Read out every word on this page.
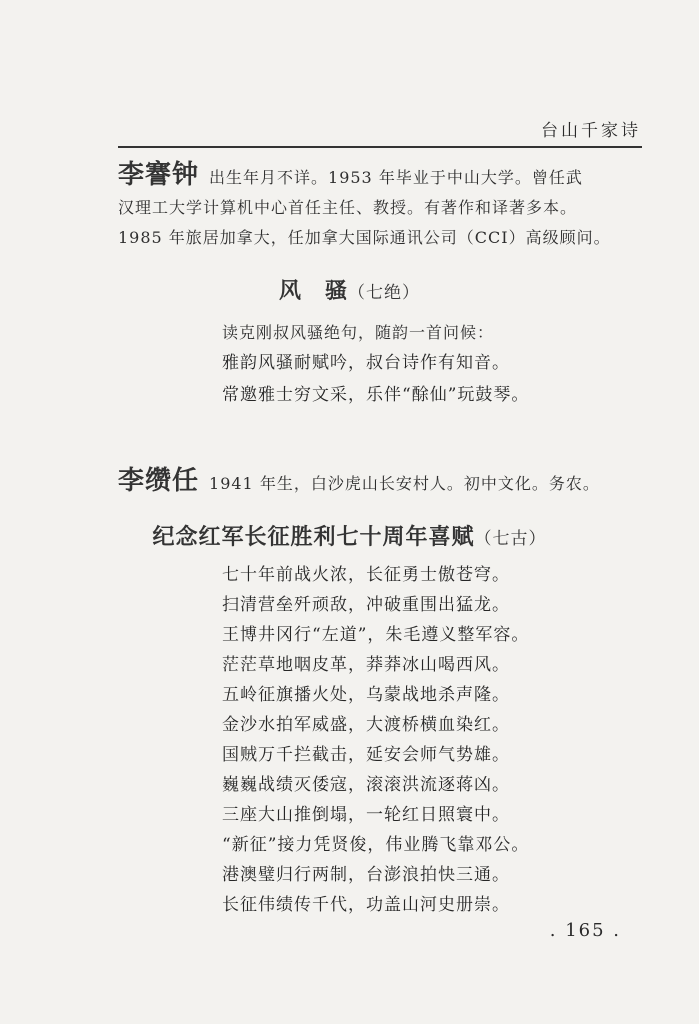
台山千家诗
李謇钟 出生年月不详。1953 年毕业于中山大学。曾任武
汉理工大学计算机中心首任主任、教授。有著作和译著多本。
1985 年旅居加拿大，任加拿大国际通讯公司（CCI）高级顾问。
风　骚（七绝）
读克刚叔风骚绝句，随韵一首问候：
雅韵风骚耐赋吟，叔台诗作有知音。
常邀雅士穷文采，乐伴“酴仙”玩鼓琴。
李缵任 1941 年生，白沙虎山长安村人。初中文化。务农。
纪念红军长征胜利七十周年喜赋（七古）
七十年前战火浓，长征勇士傲苍穹。
扫清营垒歼顽敌，冲破重围出猛龙。
王博井冈行“左道”，朱毛遵义整军容。
茫茫草地咽皮革，莽莽冰山喝西风。
五岭征旗播火处，乌蒙战地杀声隆。
金沙水拍军威盛，大渡桥横血染红。
国贼万千拦截击，延安会师气势雄。
巍巍战绩灭倭寇，滚滚洪流逐蒋凶。
三座大山推倒塌，一轮红日照寰中。
“新征”接力凭贤俊，伟业腾飞靠邓公。
港澳璧归行两制，台澎浪拍快三通。
长征伟绩传千代，功盖山河史册崇。
. 165 .
